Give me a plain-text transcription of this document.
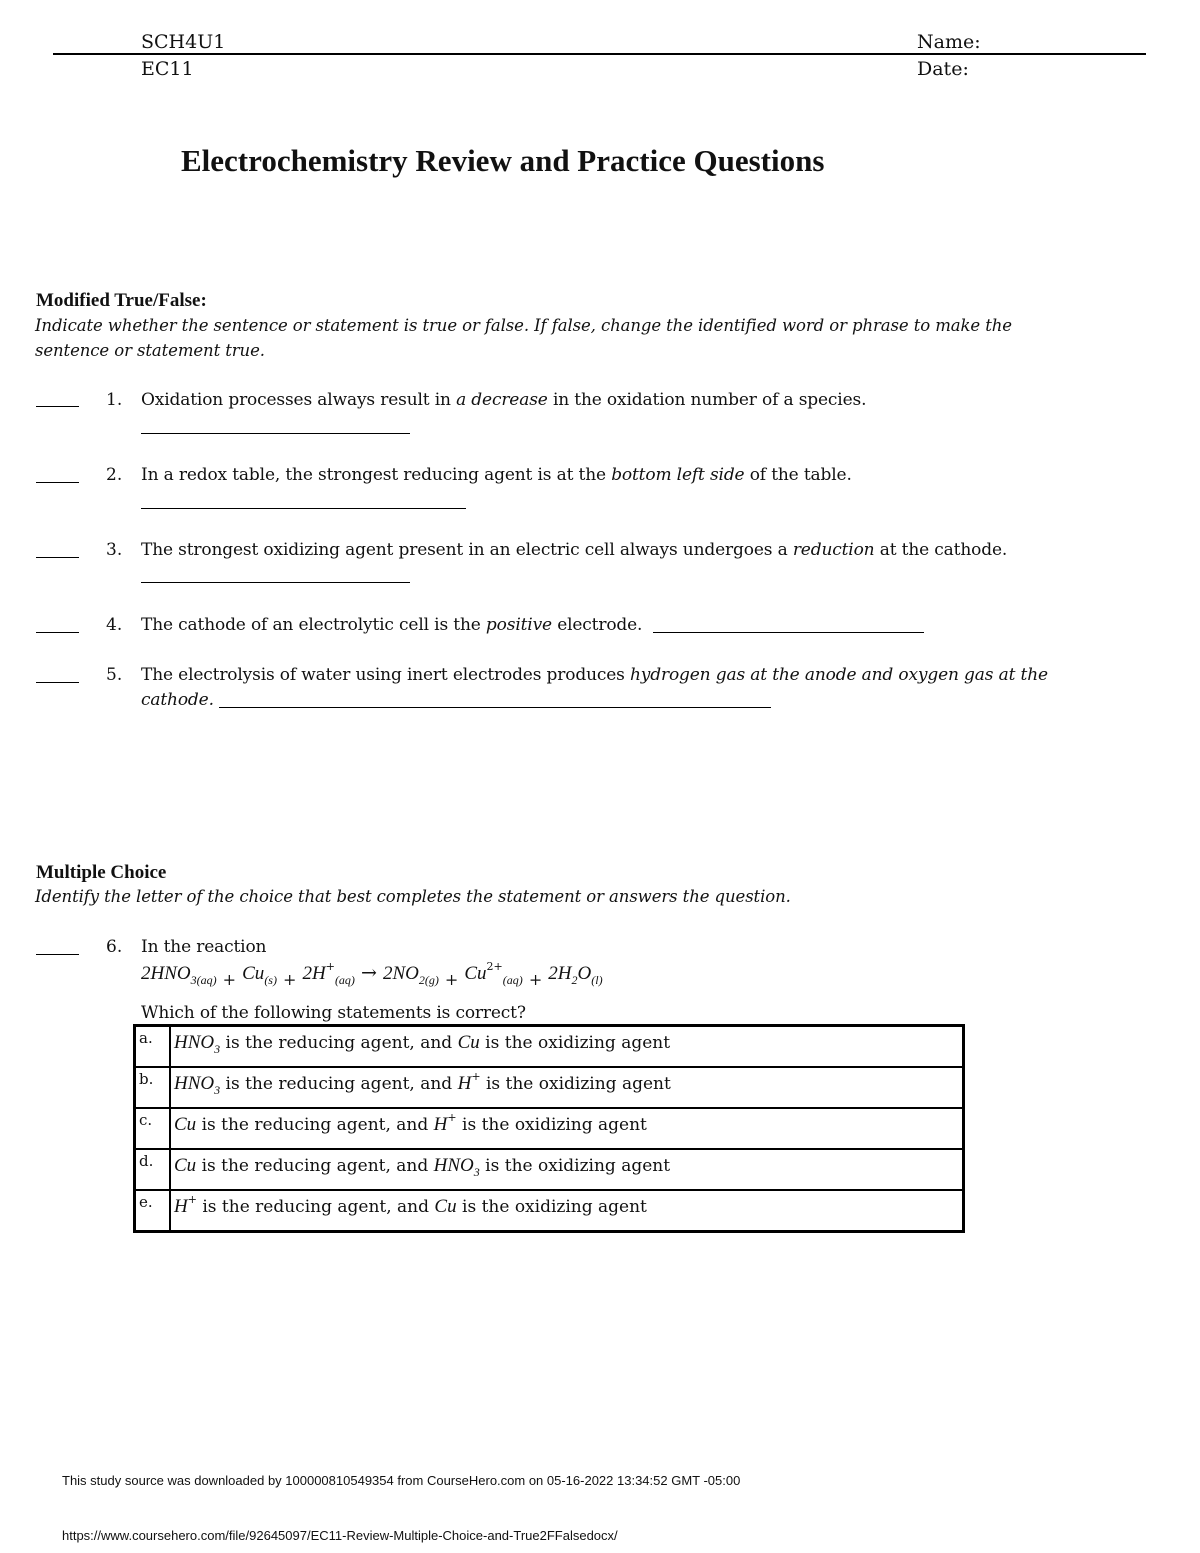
SCH4U1	Name:
EC11	Date:
Electrochemistry Review and Practice Questions
Modified True/False:
Indicate whether the sentence or statement is true or false. If false, change the identified word or phrase to make the
sentence or statement true.
1. Oxidation processes always result in a decrease in the oxidation number of a species.
2. In a redox table, the strongest reducing agent is at the bottom left side of the table.
3. The strongest oxidizing agent present in an electric cell always undergoes a reduction at the cathode.
4. The cathode of an electrolytic cell is the positive electrode.
5. The electrolysis of water using inert electrodes produces hydrogen gas at the anode and oxygen gas at the
cathode.
Multiple Choice
Identify the letter of the choice that best completes the statement or answers the question.
6. In the reaction
$2HNO_{3(aq)}$ $_+$ $Cu_{(s)}$ $_+$ $2H^+_{(aq)} \to 2NO_{2(g)}$ $_+$ $Cu^{2+}_{(aq)}$ $_+$ $2H_2O_{(l)}$
Which of the following statements is correct?
a.	$HNO_3$ is the reducing agent, and Cu is the oxidizing agent
b.	$HNO_3$ is the reducing agent, and H+ is the oxidizing agent
c.	Cu is the reducing agent, and H+ is the oxidizing agent
d.	Cu is the reducing agent, and $HNO_3$ is the oxidizing agent
e.	H+ is the reducing agent, and Cu is the oxidizing agent
This study source was downloaded by 100000810549354 from CourseHero.com on 05-16-2022 13:34:52 GMT -05:00
https://www.coursehero.com/file/92645097/EC11-Review-Multiple-Choice-and-True2FFalsedocx/
